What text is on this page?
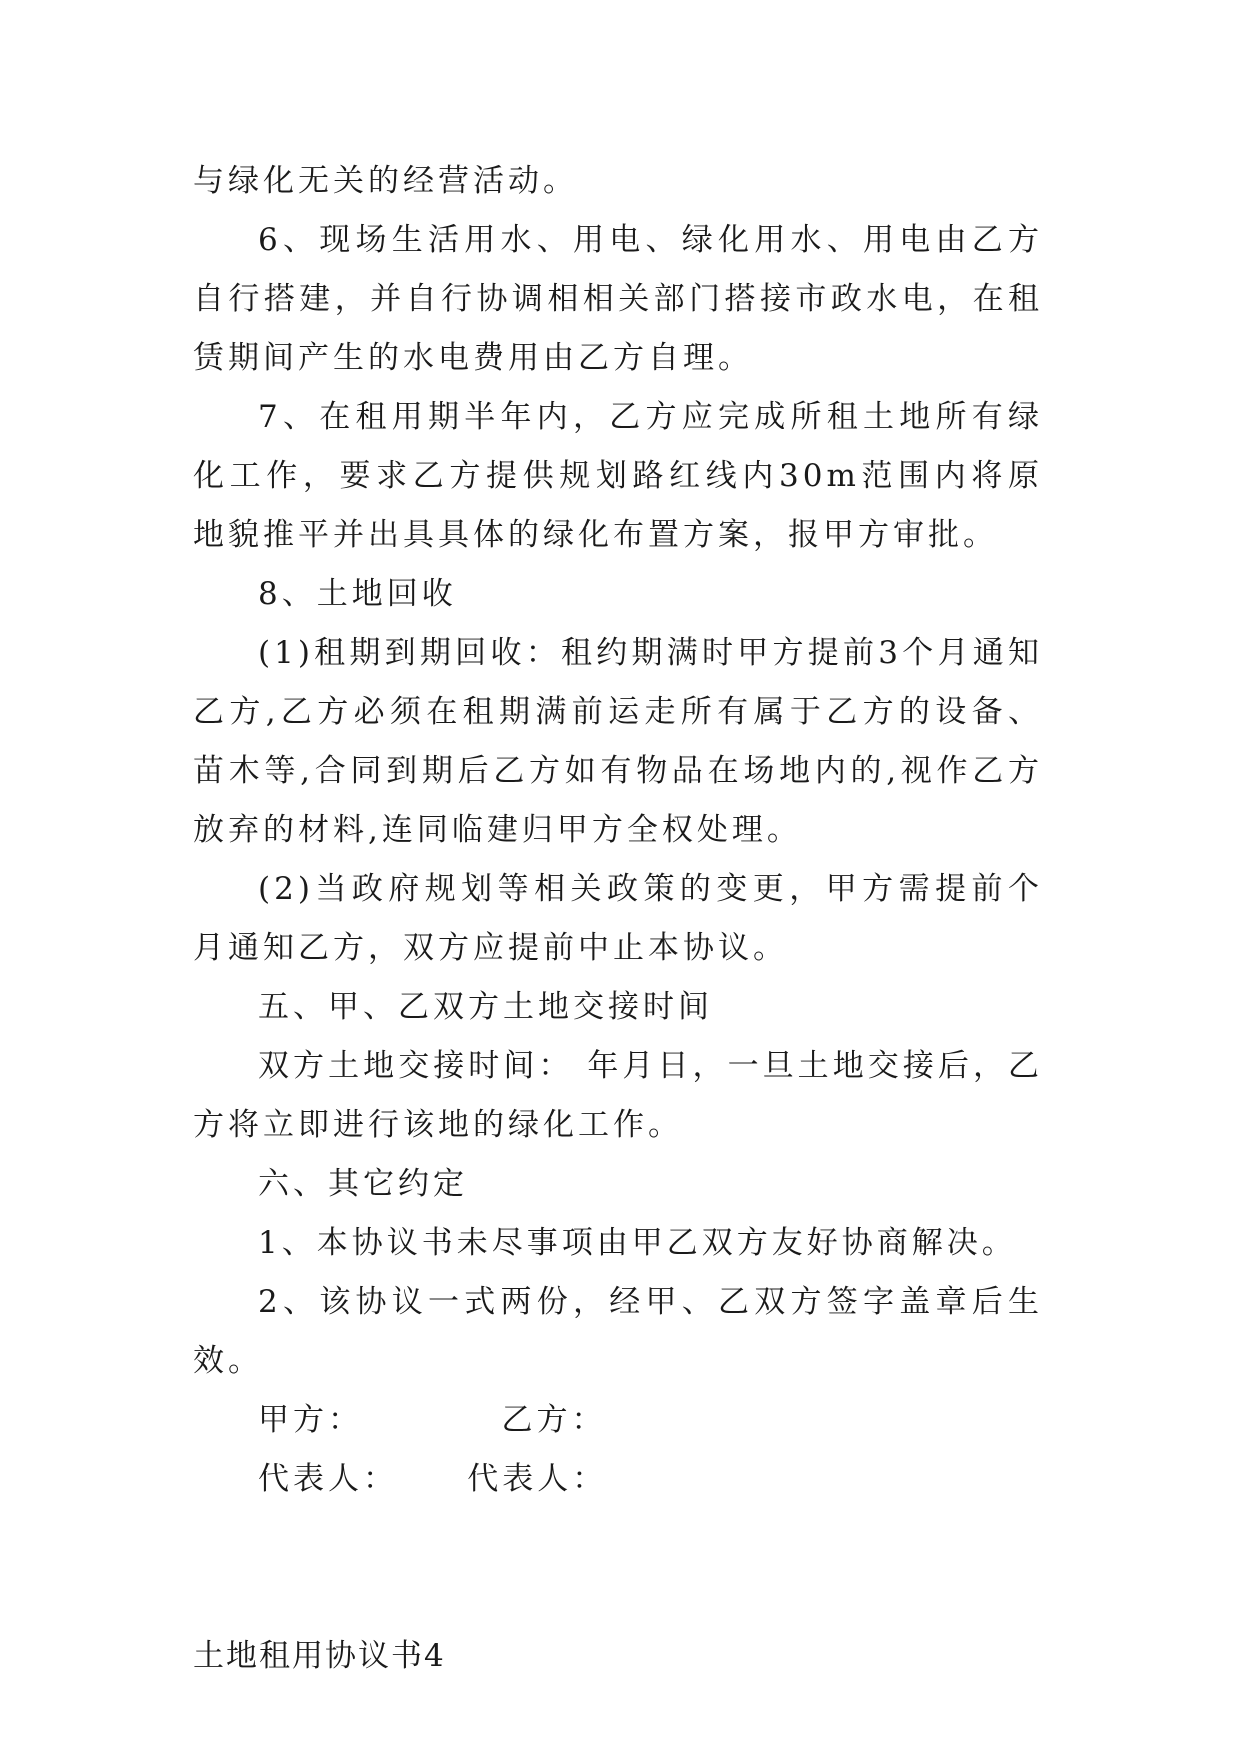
与绿化无关的经营活动。

6、现场生活用水、用电、绿化用水、用电由乙方自行搭建，并自行协调相相关部门搭接市政水电，在租赁期间产生的水电费用由乙方自理。

7、在租用期半年内，乙方应完成所租土地所有绿化工作，要求乙方提供规划路红线内30m范围内将原地貌推平并出具具体的绿化布置方案，报甲方审批。

8、土地回收

(1)租期到期回收：租约期满时甲方提前3个月通知乙方,乙方必须在租期满前运走所有属于乙方的设备、苗木等,合同到期后乙方如有物品在场地内的,视作乙方放弃的材料,连同临建归甲方全权处理。

(2)当政府规划等相关政策的变更，甲方需提前个月通知乙方，双方应提前中止本协议。

五、甲、乙双方土地交接时间

双方土地交接时间： 年月日，一旦土地交接后，乙方将立即进行该地的绿化工作。

六、其它约定

1、本协议书未尽事项由甲乙双方友好协商解决。

2、该协议一式两份，经甲、乙双方签字盖章后生效。

甲方：	乙方：

代表人： 代表人：

土地租用协议书4
